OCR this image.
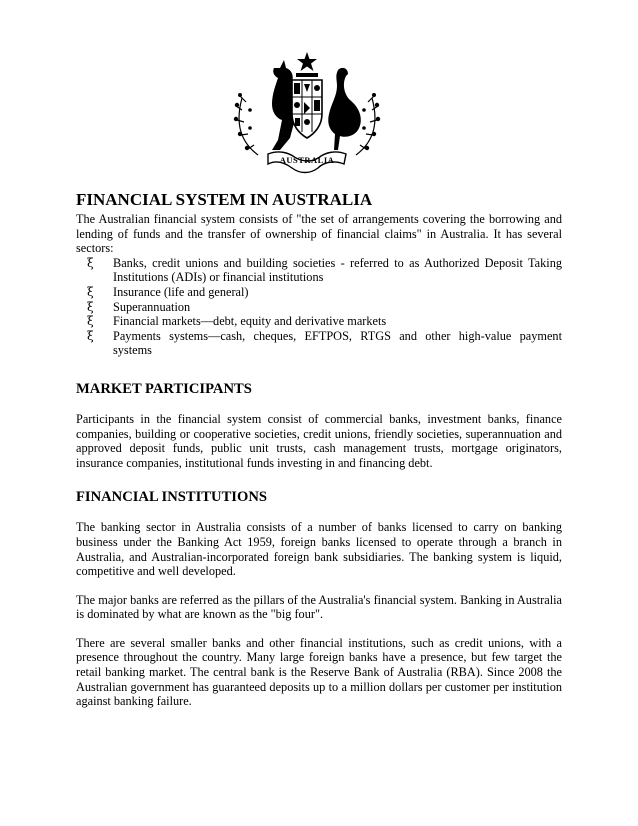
AUSTRALIA
FINANCIAL SYSTEM IN AUSTRALIA

The Australian financial system consists of "the set of arrangements covering the borrowing and lending of funds and the transfer of ownership of financial claims" in Australia. It has several sectors:

ξ Banks, credit unions and building societies - referred to as Authorized Deposit Taking Institutions (ADIs) or financial institutions
ξ Insurance (life and general)
ξ Superannuation
ξ Financial markets—debt, equity and derivative markets
ξ Payments systems—cash, cheques, EFTPOS, RTGS and other high-value payment systems
MARKET PARTICIPANTS

Participants in the financial system consist of commercial banks, investment banks, finance companies, building or cooperative societies, credit unions, friendly societies, superannuation and approved deposit funds, public unit trusts, cash management trusts, mortgage originators, insurance companies, institutional funds investing in and financing debt.

FINANCIAL INSTITUTIONS

The banking sector in Australia consists of a number of banks licensed to carry on banking business under the Banking Act 1959, foreign banks licensed to operate through a branch in Australia, and Australian-incorporated foreign bank subsidiaries. The banking system is liquid, competitive and well developed.

The major banks are referred as the pillars of the Australia's financial system. Banking in Australia is dominated by what are known as the "big four".

There are several smaller banks and other financial institutions, such as credit unions, with a presence throughout the country. Many large foreign banks have a presence, but few target the retail banking market. The central bank is the Reserve Bank of Australia (RBA). Since 2008 the Australian government has guaranteed deposits up to a million dollars per customer per institution against banking failure.
